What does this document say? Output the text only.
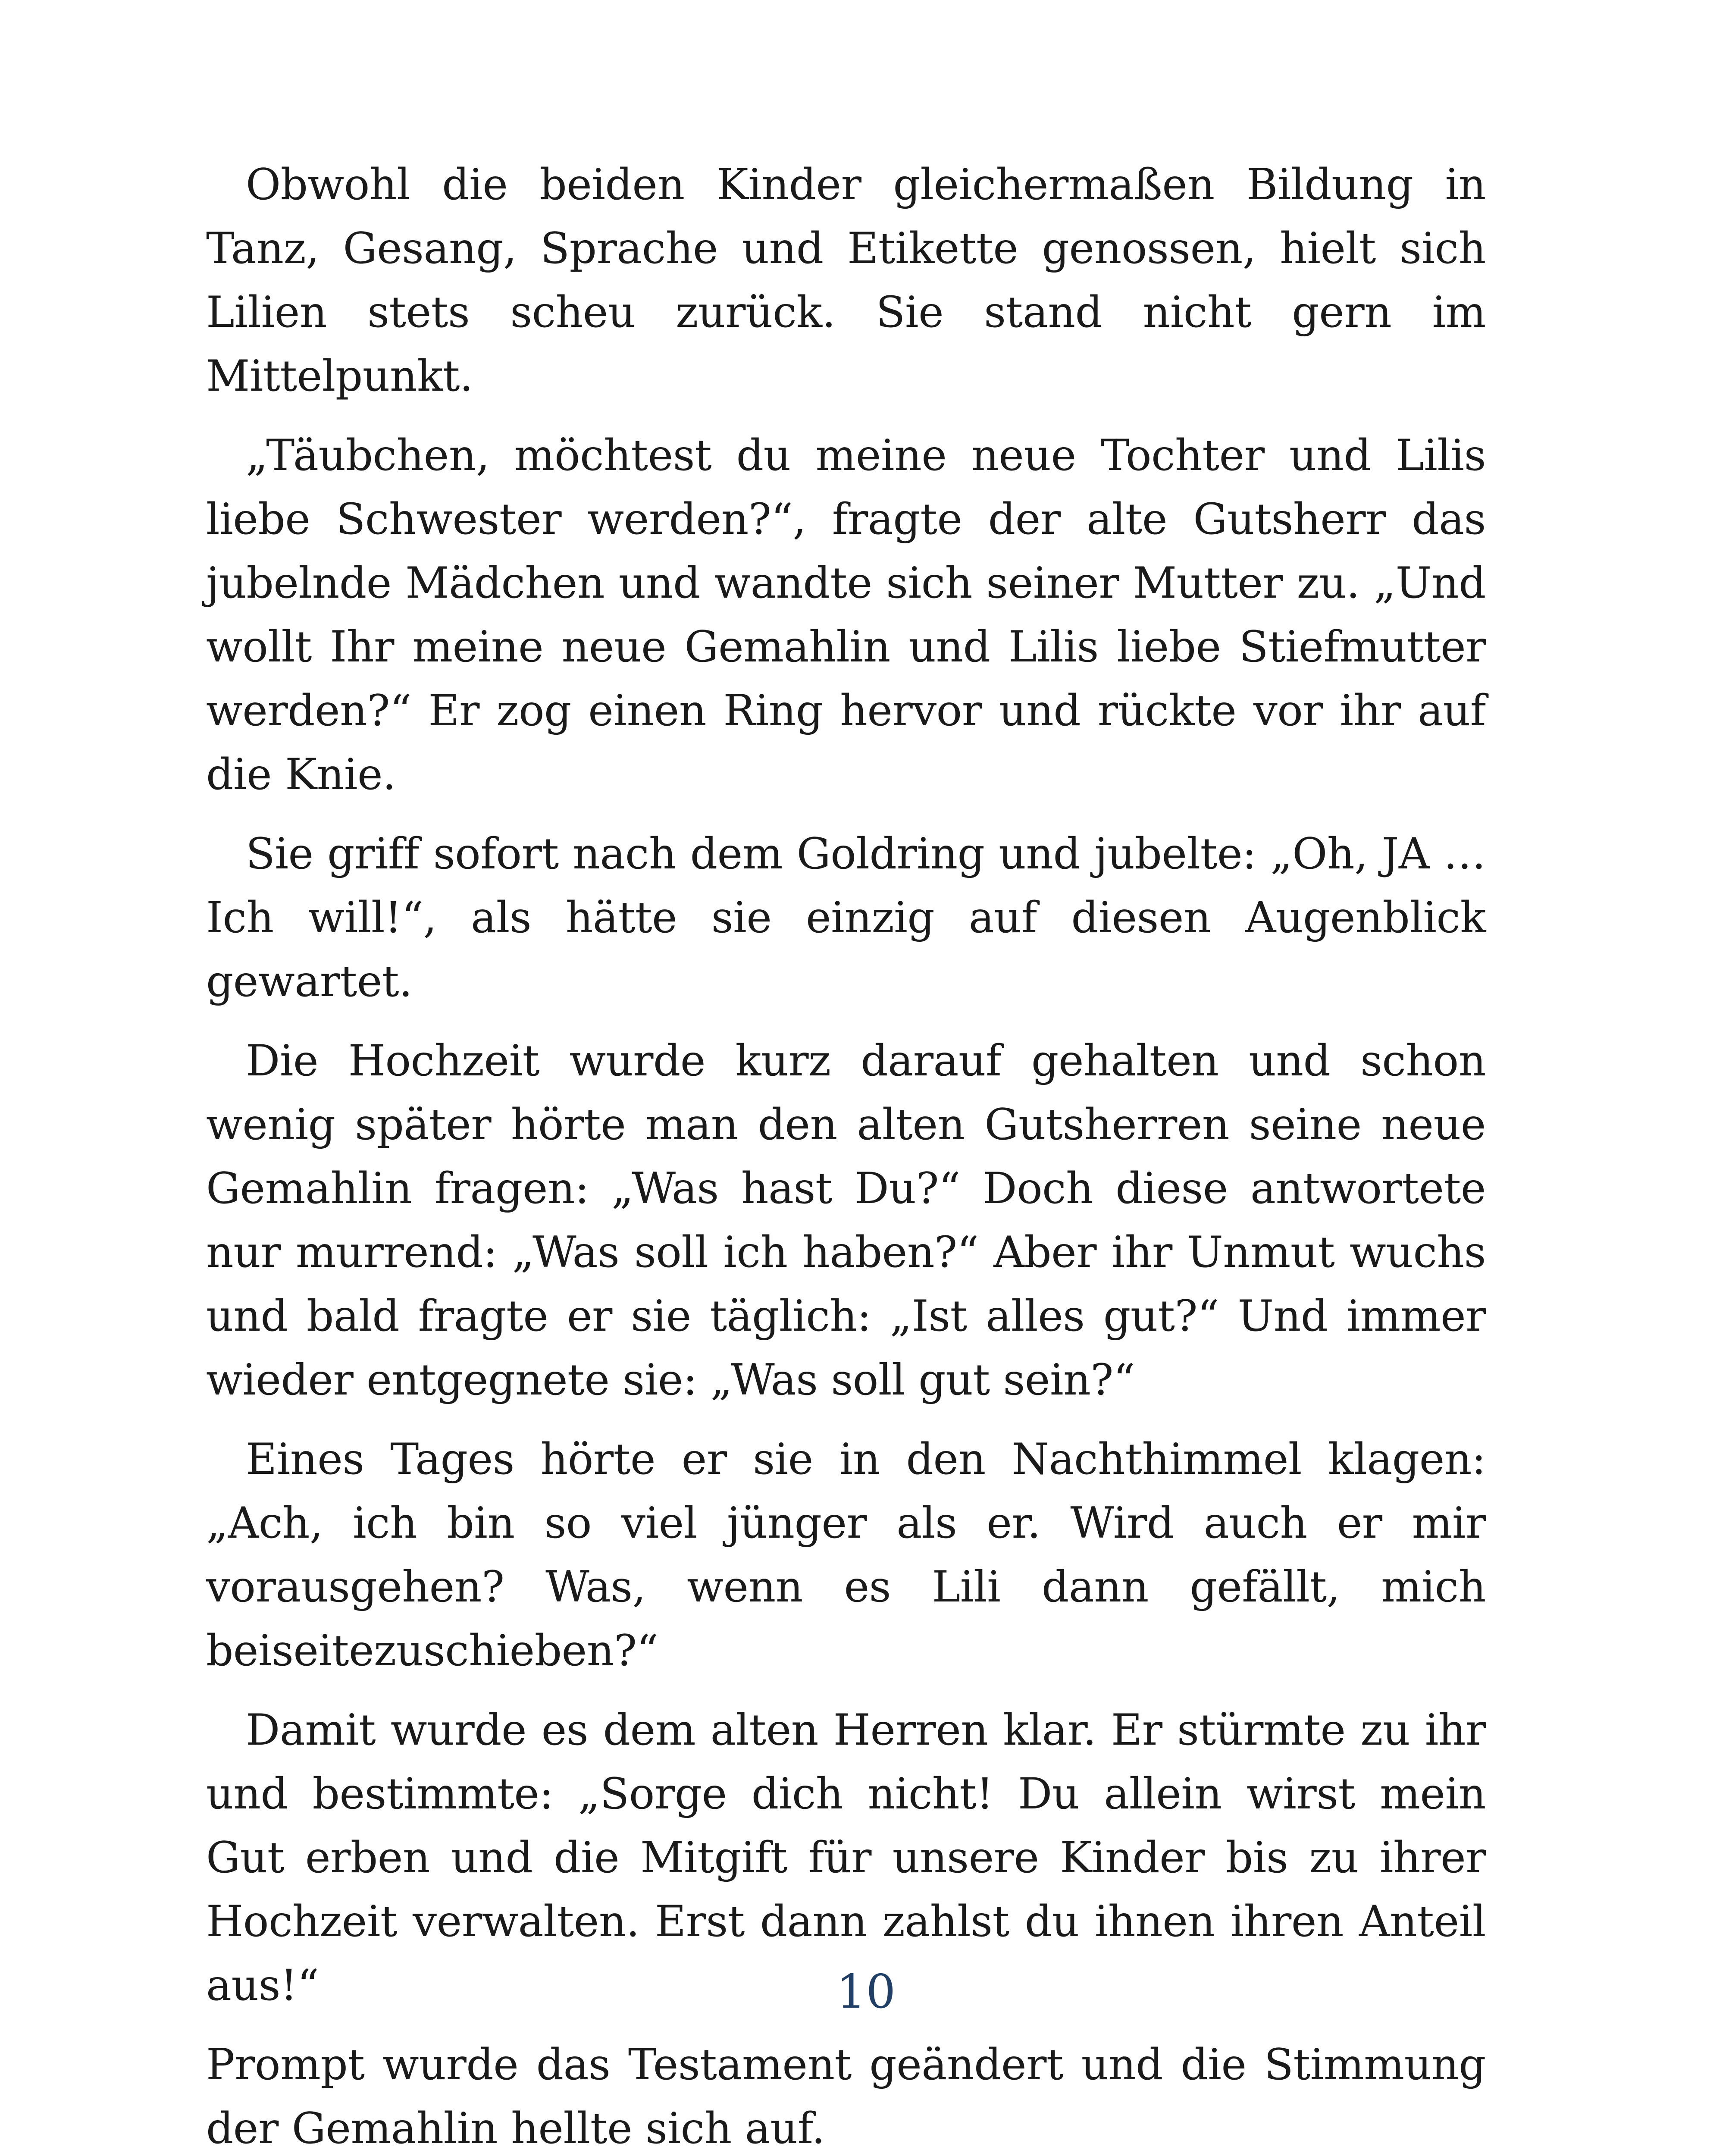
Obwohl die beiden Kinder gleichermaßen Bildung in Tanz, Gesang, Sprache und Etikette genossen, hielt sich Lilien stets scheu zurück. Sie stand nicht gern im Mittelpunkt.

„Täubchen, möchtest du meine neue Tochter und Lilis liebe Schwester werden?“, fragte der alte Gutsherr das jubelnde Mädchen und wandte sich seiner Mutter zu. „Und wollt Ihr meine neue Gemahlin und Lilis liebe Stiefmutter werden?“ Er zog einen Ring hervor und rückte vor ihr auf die Knie.

Sie griff sofort nach dem Goldring und jubelte: „Oh, JA … Ich will!“, als hätte sie einzig auf diesen Augenblick gewartet.

Die Hochzeit wurde kurz darauf gehalten und schon wenig später hörte man den alten Gutsherren seine neue Gemahlin fragen: „Was hast Du?“ Doch diese antwortete nur murrend: „Was soll ich haben?“ Aber ihr Unmut wuchs und bald fragte er sie täglich: „Ist alles gut?“ Und immer wieder entgegnete sie: „Was soll gut sein?“

Eines Tages hörte er sie in den Nachthimmel klagen: „Ach, ich bin so viel jünger als er. Wird auch er mir vorausgehen? Was, wenn es Lili dann gefällt, mich beiseitezuschieben?“

Damit wurde es dem alten Herren klar. Er stürmte zu ihr und bestimmte: „Sorge dich nicht! Du allein wirst mein Gut erben und die Mitgift für unsere Kinder bis zu ihrer Hochzeit verwalten. Erst dann zahlst du ihnen ihren Anteil aus!“

Prompt wurde das Testament geändert und die Stimmung der Gemahlin hellte sich auf.

10
